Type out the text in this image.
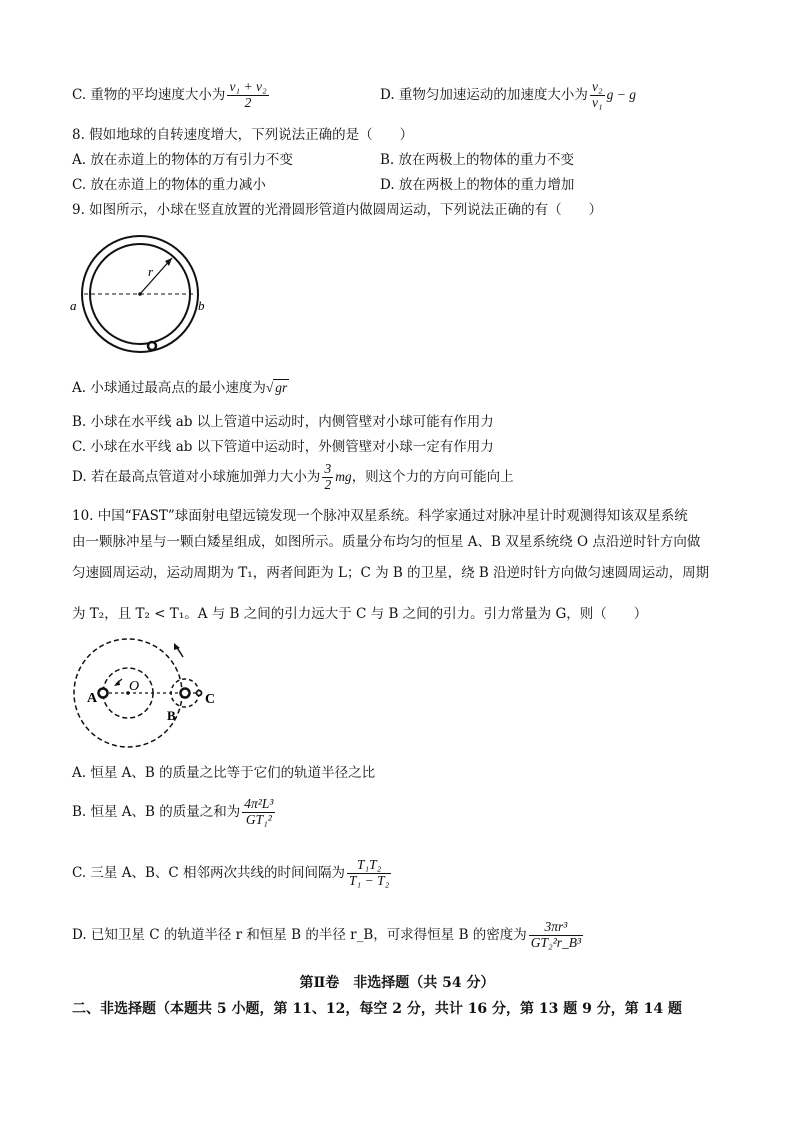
C. 重物的平均速度大小为 $\frac{\text{v₁ + v₂}}{2}$	D. 重物匀加速运动的加速度大小为 $\frac{\text{v₂}}{\text{v₁}}$ g − g
8. 假如地球的自转速度增大，下列说法正确的是（　　）
A. 放在赤道上的物体的万有引力不变	B. 放在两极上的物体的重力不变
C. 放在赤道上的物体的重力减小	D. 放在两极上的物体的重力增加
9. 如图所示，小球在竖直放置的光滑圆形管道内做圆周运动，下列说法正确的有（　　）
r
a	b
A. 小球通过最高点的最小速度为√ gr
B. 小球在水平线 ab 以上管道中运动时，内侧管壁对小球可能有作用力
C. 小球在水平线 ab 以下管道中运动时，外侧管壁对小球一定有作用力
D. 若在最高点管道对小球施加弹力大小为 $\frac{3}{2}$ mg，则这个力的方向可能向上
10. 中国“FAST”球面射电望远镜发现一个脉冲双星系统。科学家通过对脉冲星计时观测得知该双星系统
由一颗脉冲星与一颗白矮星组成，如图所示。质量分布均匀的恒星 A、B 双星系统绕 O 点沿逆时针方向做
匀速圆周运动，运动周期为 T₁，两者间距为 L；C 为 B 的卫星，绕 B 沿逆时针方向做匀速圆周运动，周期
为 T₂，且 T₂ < T₁。A 与 B 之间的引力远大于 C 与 B 之间的引力。引力常量为 G，则（　　）
A
O
B
C
A. 恒星 A、B 的质量之比等于它们的轨道半径之比
B. 恒星 A、B 的质量之和为 $\frac{\text{4π²L³}}{\text{GT₁²}}$
C. 三星 A、B、C 相邻两次共线的时间间隔为 $\frac{\text{T₁T₂}}{\text{T₁ − T₂}}$
D. 已知卫星 C 的轨道半径 r 和恒星 B 的半径 r_B，可求得恒星 B 的密度为 $\frac{\text{3πr³}}{\text{GT₂²r\_B³}}$
第Ⅱ卷　非选择题（共 54 分）
二、非选择题（本题共 5 小题，第 11、12，每空 2 分，共计 16 分，第 13 题 9 分，第 14 题
